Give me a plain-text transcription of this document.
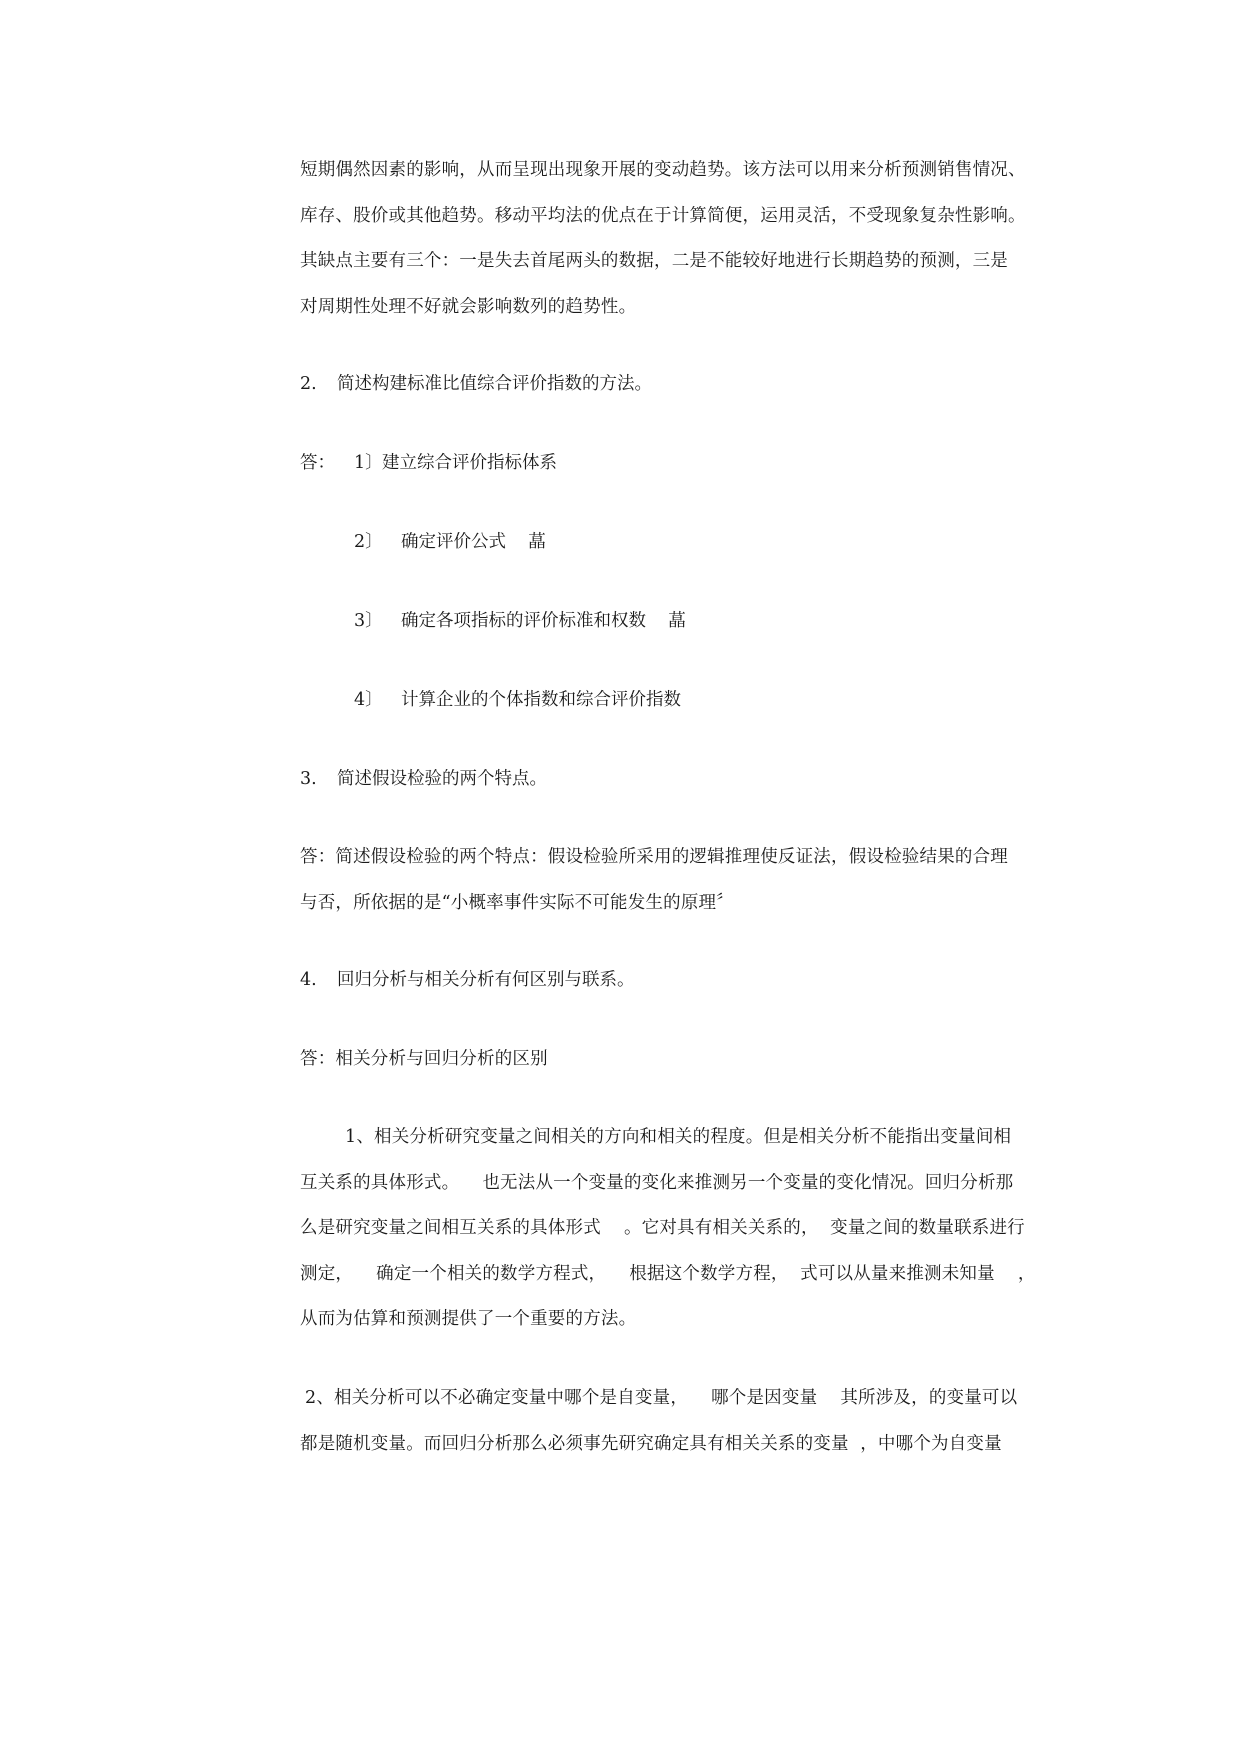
短期偶然因素的影响，从而呈现出现象开展的变动趋势。该方法可以用来分析预测销售情况、
库存、股价或其他趋势。移动平均法的优点在于计算简便，运用灵活，不受现象复杂性影响。
其缺点主要有三个：一是失去首尾两头的数据，二是不能较好地进行长期趋势的预测，三是
对周期性处理不好就会影响数列的趋势性。
2. 简述构建标准比值综合评价指数的方法。
答： 1〕 建立综合评价指标体系
2〕 确定评价公式    蕌
3〕 确定各项指标的评价标准和权数    蕌
4〕 计算企业的个体指数和综合评价指数
3. 简述假设检验的两个特点。
答：简述假设检验的两个特点：假设检验所采用的逻辑推理使反证法，假设检验结果的合理
与否，所依据的是“小概率事件实际不可能发生的原理〞
4. 回归分析与相关分析有何区别与联系。
答：相关分析与回归分析的区别
1、相关分析研究变量之间相关的方向和相关的程度。但是相关分析不能指出变量间相
互关系的具体形式。    也无法从一个变量的变化来推测另一个变量的变化情况。回归分析那
么是研究变量之间相互关系的具体形式    。它对具有相关关系的，  变量之间的数量联系进行
测定，    确定一个相关的数学方程式，    根据这个数学方程，  式可以从量来推测未知量    ，
从而为估算和预测提供了一个重要的方法。
2、相关分析可以不必确定变量中哪个是自变量，    哪个是因变量    其所涉及，的变量可以
都是随机变量。而回归分析那么必须事先研究确定具有相关关系的变量  ，中哪个为自变量
